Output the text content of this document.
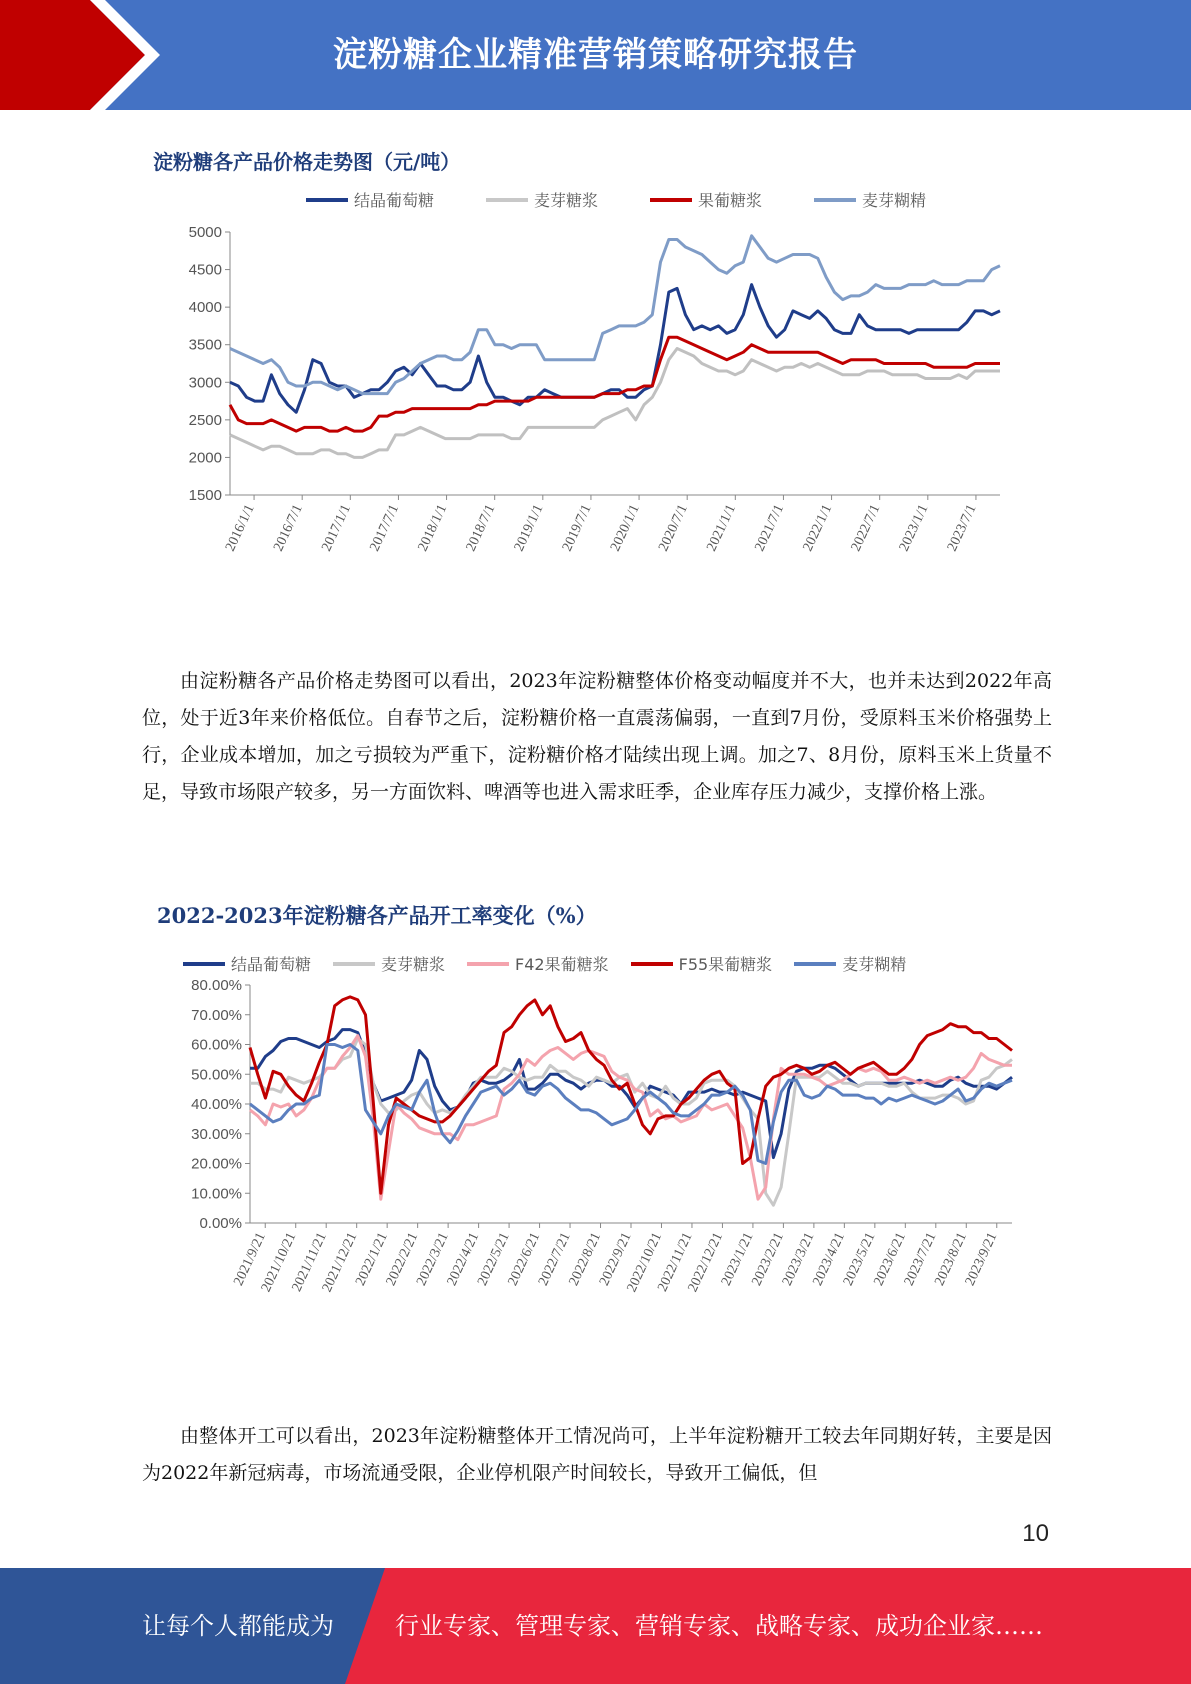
淀粉糖企业精准营销策略研究报告
淀粉糖各产品价格走势图（元/吨）
结晶葡萄糖	麦芽糖浆	果葡糖浆	麦芽糊精
5000
4500
4000
3500
3000
2500
2000
1500
2016/1/1 2016/7/1 2017/1/1 2017/7/1 2018/1/1 2018/7/1 2019/1/1 2019/7/1 2020/1/1 2020/7/1 2021/1/1 2021/7/1 2022/1/1 2022/7/1 2023/1/1 2023/7/1
由淀粉糖各产品价格走势图可以看出，2023年淀粉糖整体价格变动幅度并不大，也并未达到2022年高位，处于近3年来价格低位。自春节之后，淀粉糖价格一直震荡偏弱，一直到7月份，受原料玉米价格强势上行，企业成本增加，加之亏损较为严重下，淀粉糖价格才陆续出现上调。加之7、8月份，原料玉米上货量不足，导致市场限产较多，另一方面饮料、啤酒等也进入需求旺季，企业库存压力减少，支撑价格上涨。
2022-2023年淀粉糖各产品开工率变化（%）
结晶葡萄糖	麦芽糖浆	F42果葡糖浆	F55果葡糖浆	麦芽糊精
80.00%
70.00%
60.00%
50.00%
40.00%
30.00%
20.00%
10.00%
0.00%
2021/9/21
2021/10/21
2021/11/21
2021/12/21
2022/1/21
2022/2/21
2022/3/21
2022/4/21
2022/5/21
2022/6/21
2022/7/21
2022/8/21
2022/9/21
2022/10/21
2022/11/21
2022/12/21
2023/1/21
2023/2/21
2023/3/21
2023/4/21
2023/5/21
2023/6/21
2023/7/21
2023/8/21
2023/9/21
由整体开工可以看出，2023年淀粉糖整体开工情况尚可，上半年淀粉糖开工较去年同期好转，主要是因为2022年新冠病毒，市场流通受限，企业停机限产时间较长，导致开工偏低，但
10
让每个人都能成为	行业专家、管理专家、营销专家、战略专家、成功企业家……
